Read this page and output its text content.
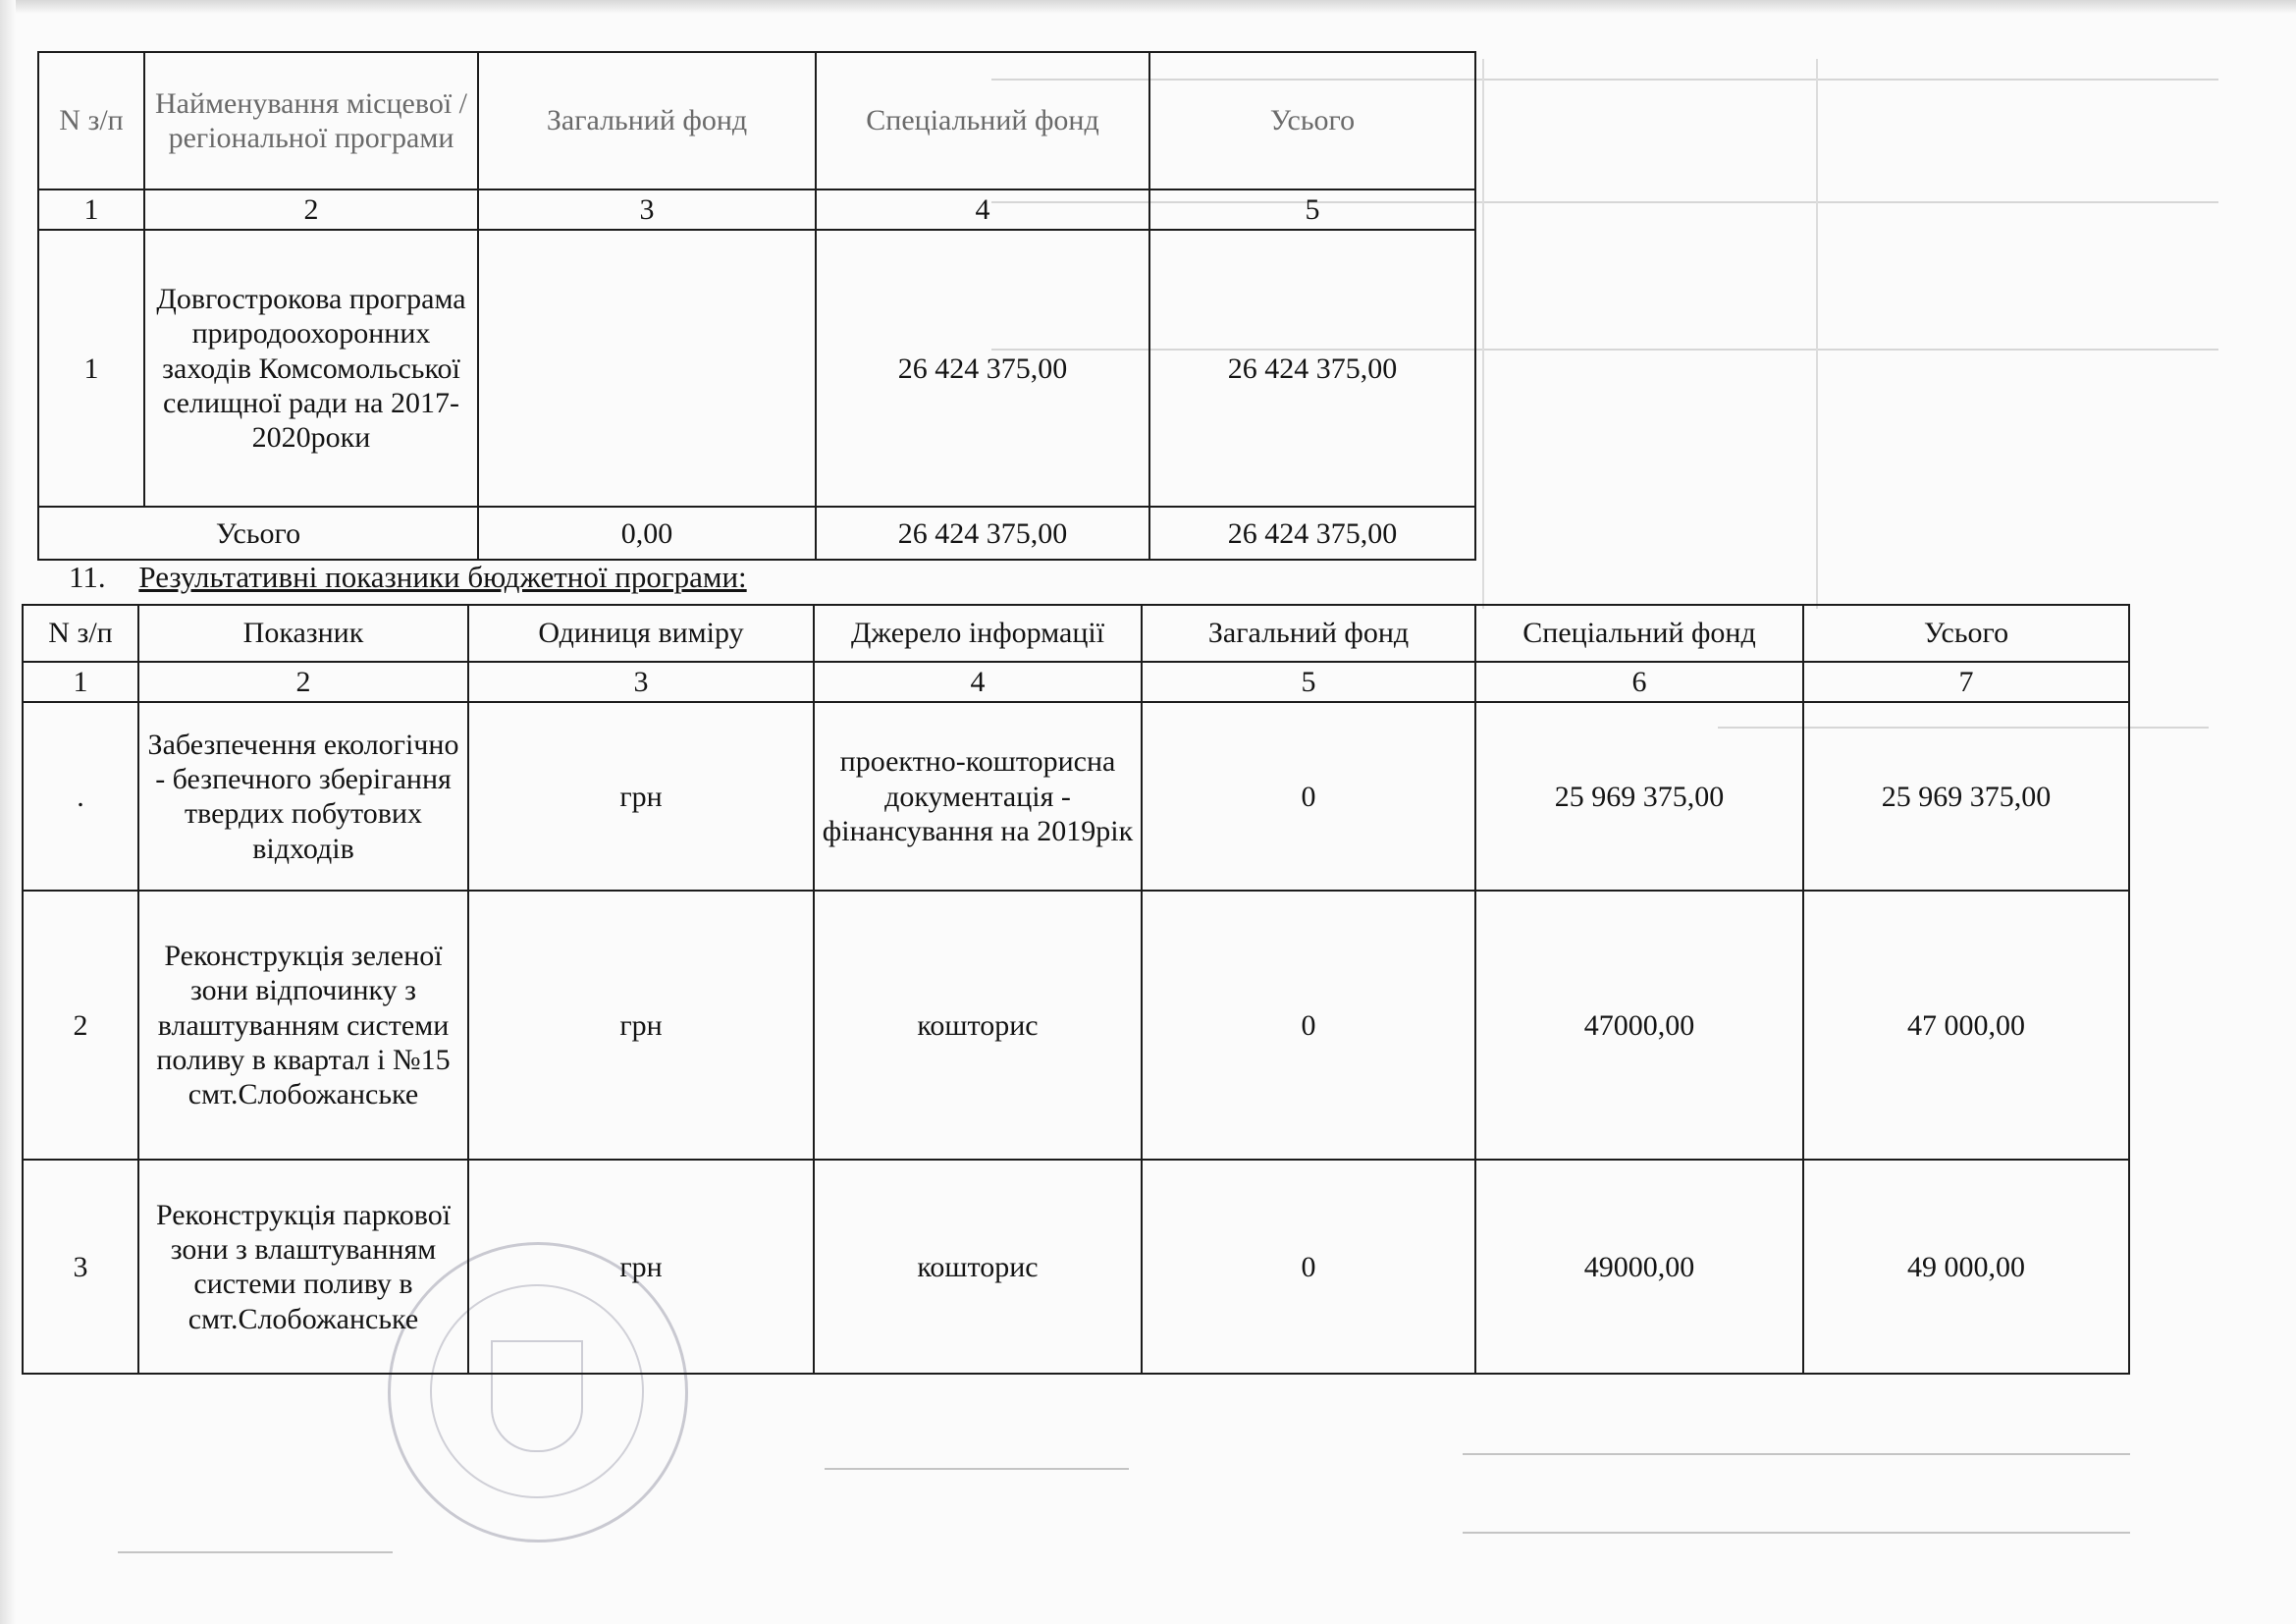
N з/п	Найменування місцевої / регіональної програми	Загальний фонд	Спеціальний фонд	Усього
1	2	3	4	5
1	Довгострокова програма природоохоронних заходів Комсомольської селищної ради на 2017-2020роки		26 424 375,00	26 424 375,00
Усього		0,00	26 424 375,00	26 424 375,00
11. Результативні показники бюджетної програми:
N з/п	Показник	Одиниця виміру	Джерело інформації	Загальний фонд	Спеціальний фонд	Усього
1	2	3	4	5	6	7
.	Забезпечення екологічно - безпечного зберігання твердих побутових відходів	грн	проектно-кошторисна документація - фінансування на 2019рік	0	25 969 375,00	25 969 375,00
2	Реконструкція зеленої зони відпочинку з влаштуванням системи поливу в квартал і №15 смт.Слобожанське	грн	кошторис	0	47000,00	47 000,00
3	Реконструкція паркової зони з влаштуванням системи поливу в смт.Слобожанське	грн	кошторис	0	49000,00	49 000,00
